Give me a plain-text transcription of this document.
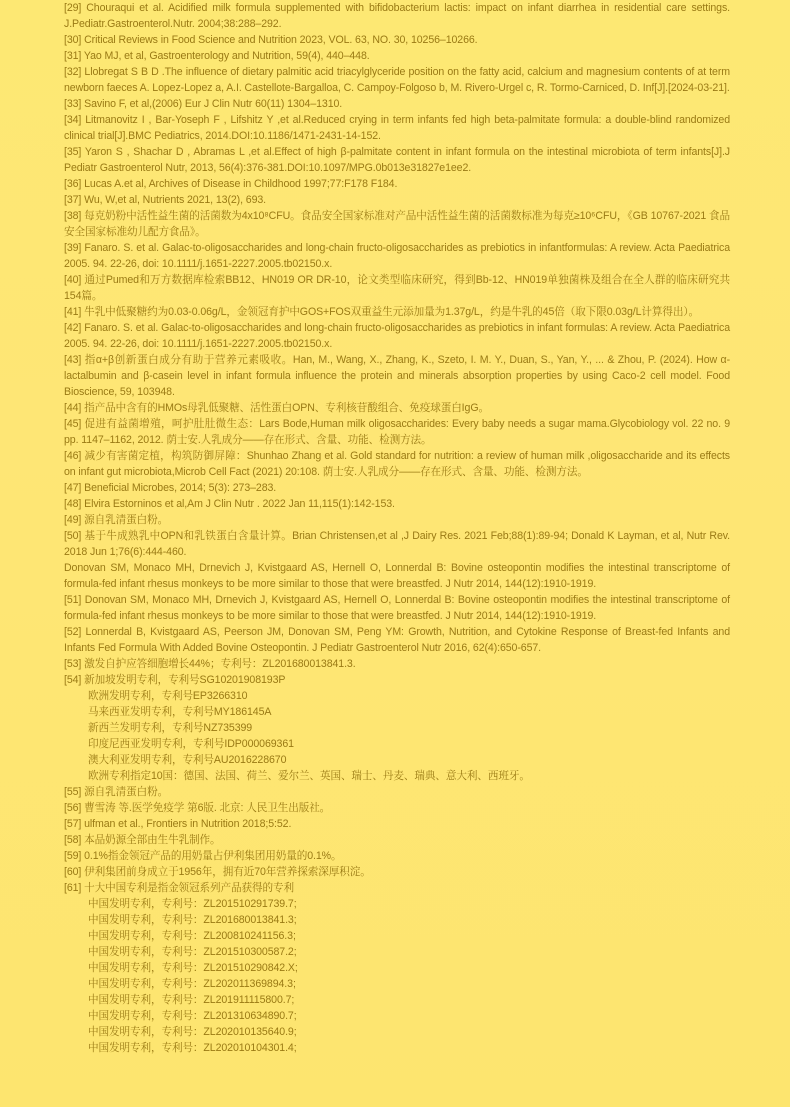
[29] Chouraqui et al. Acidified milk formula supplemented with bifidobacterium lactis: impact on infant diarrhea in residential care settings. J.Pediatr.Gastroenterol.Nutr. 2004;38:288–292.
[30] Critical Reviews in Food Science and Nutrition 2023, VOL. 63, NO. 30, 10256–10266.
[31] Yao MJ, et al, Gastroenterology and Nutrition, 59(4), 440–448.
[32] Llobregat S B D .The influence of dietary palmitic acid triacylglyceride position on the fatty acid, calcium and magnesium contents of at term newborn faeces A. Lopez-Lopez a, A.I. Castellote-Bargalloa, C. Campoy-Folgoso b, M. Rivero-Urgel c, R. Tormo-Carniced, D. Inf[J].[2024-03-21].
[33] Savino F, et al,(2006) Eur J Clin Nutr 60(11) 1304–1310.
[34] Litmanovitz I , Bar-Yoseph F , Lifshitz Y ,et al.Reduced crying in term infants fed high beta-palmitate formula: a double-blind randomized clinical trial[J].BMC Pediatrics, 2014.DOI:10.1186/1471-2431-14-152.
[35] Yaron S , Shachar D , Abramas L ,et al.Effect of high β-palmitate content in infant formula on the intestinal microbiota of term infants[J].J Pediatr Gastroenterol Nutr, 2013, 56(4):376-381.DOI:10.1097/MPG.0b013e31827e1ee2.
[36] Lucas A.et al, Archives of Disease in Childhood 1997;77:F178 F184.
[37] Wu, W,et al, Nutrients 2021, 13(2), 693.
[38] 每克奶粉中活性益生菌的活菌数为4x10⁸CFU。食品安全国家标准对产品中活性益生菌的活菌数标准为每克≥10⁶CFU，《GB 10767-2021 食品安全国家标准幼儿配方食品》。
[39] Fanaro. S. et al. Galac-to-oligosaccharides and long-chain fructo-oligosaccharides as prebiotics in infantformulas: A review. Acta Paediatrica 2005. 94. 22-26, doi: 10.1111/j.1651-2227.2005.tb02150.x.
[40] 通过Pumed和万方数据库检索BB12、HN019 OR DR-10，论文类型临床研究，得到Bb-12、HN019单独菌株及组合在全人群的临床研究共154篇。
[41] 牛乳中低聚糖约为0.03-0.06g/L，金领冠育护中GOS+FOS双重益生元添加量为1.37g/L，约是牛乳的45倍（取下限0.03g/L计算得出）。
[42] Fanaro. S. et al. Galac-to-oligosaccharides and long-chain fructo-oligosaccharides as prebiotics in infant formulas: A review. Acta Paediatrica 2005. 94. 22-26, doi: 10.1111/j.1651-2227.2005.tb02150.x.
[43] 指α+β创新蛋白成分有助于营养元素吸收。Han, M., Wang, X., Zhang, K., Szeto, I. M. Y., Duan, S., Yan, Y., ... & Zhou, P. (2024). How α-lactalbumin and β-casein level in infant formula influence the protein and minerals absorption properties by using Caco-2 cell model. Food Bioscience, 59, 103948.
[44] 指产品中含有的HMOs母乳低聚糖、活性蛋白OPN、专利核苷酸组合、免疫球蛋白IgG。
[45] 促进有益菌增殖，呵护肚肚微生态：Lars Bode,Human milk oligosaccharides: Every baby needs a sugar mama.Glycobiology vol. 22 no. 9 pp. 1147–1162, 2012. 荫士安.人乳成分——存在形式、含量、功能、检测方法。
[46] 减少有害菌定植，构筑防御屏障：Shunhao Zhang et al. Gold standard for nutrition: a review of human milk ,oligosaccharide and its effects on infant gut microbiota,Microb Cell Fact (2021) 20:108. 荫士安.人乳成分——存在形式、含量、功能、检测方法。
[47] Beneficial Microbes, 2014; 5(3): 273–283.
[48] Elvira Estorninos et al,Am J Clin Nutr . 2022 Jan 11,115(1):142-153.
[49] 源自乳清蛋白粉。
[50] 基于牛成熟乳中OPN和乳铁蛋白含量计算。Brian Christensen,et al ,J Dairy Res. 2021 Feb;88(1):89-94; Donald K Layman, et al, Nutr Rev. 2018 Jun 1;76(6):444-460.
Donovan SM, Monaco MH, Drnevich J, Kvistgaard AS, Hernell O, Lonnerdal B: Bovine osteopontin modifies the intestinal transcriptome of formula-fed infant rhesus monkeys to be more similar to those that were breastfed. J Nutr 2014, 144(12):1910-1919.
[51] Donovan SM, Monaco MH, Drnevich J, Kvistgaard AS, Hernell O, Lonnerdal B: Bovine osteopontin modifies the intestinal transcriptome of formula-fed infant rhesus monkeys to be more similar to those that were breastfed. J Nutr 2014, 144(12):1910-1919.
[52] Lonnerdal B, Kvistgaard AS, Peerson JM, Donovan SM, Peng YM: Growth, Nutrition, and Cytokine Response of Breast-fed Infants and Infants Fed Formula With Added Bovine Osteopontin. J Pediatr Gastroenterol Nutr 2016, 62(4):650-657.
[53] 激发自护应答细胞增长44%；专利号：ZL201680013841.3.
[54] 新加坡发明专利，专利号SG10201908193P
欧洲发明专利，专利号EP3266310
马来西亚发明专利，专利号MY186145A
新西兰发明专利，专利号NZ735399
印度尼西亚发明专利，专利号IDP000069361
澳大利亚发明专利，专利号AU2016228670
欧洲专利指定10国：德国、法国、荷兰、爱尔兰、英国、瑞士、丹麦、瑞典、意大利、西班牙。
[55] 源自乳清蛋白粉。
[56] 曹雪涛 等.医学免疫学 第6版. 北京: 人民卫生出版社。
[57] ulfman et al., Frontiers in Nutrition 2018;5:52.
[58] 本品奶源全部由生牛乳制作。
[59] 0.1%指金领冠产品的用奶量占伊利集团用奶量的0.1%。
[60] 伊利集团前身成立于1956年，拥有近70年营养探索深厚积淀。
[61] 十大中国专利是指金领冠系列产品获得的专利
中国发明专利，专利号：ZL201510291739.7;
中国发明专利，专利号：ZL201680013841.3;
中国发明专利，专利号：ZL200810241156.3;
中国发明专利，专利号：ZL201510300587.2;
中国发明专利，专利号：ZL201510290842.X;
中国发明专利，专利号：ZL202011369894.3;
中国发明专利，专利号：ZL201911115800.7;
中国发明专利，专利号：ZL201310634890.7;
中国发明专利，专利号：ZL202010135640.9;
中国发明专利，专利号：ZL202010104301.4;
